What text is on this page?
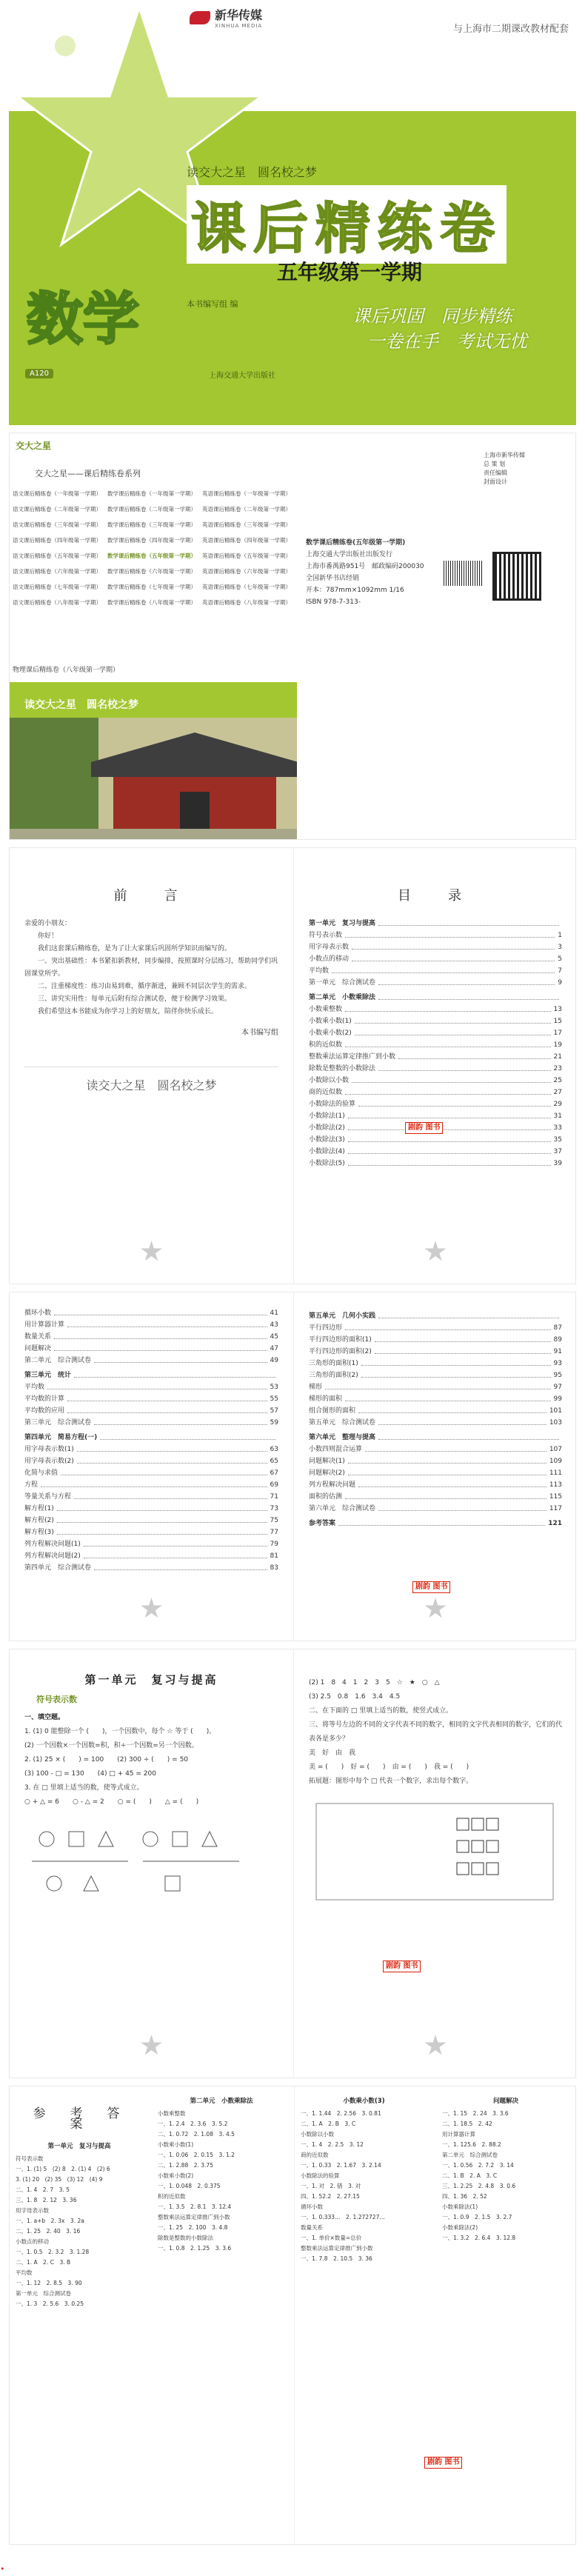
新华传媒
XINHUA MEDIA	与上海市二期课改教材配套
读交大之星　圆名校之梦
课后精练卷
五年级第一学期
数学	本书编写组 编
课后巩固　同步精练
一卷在手　考试无忧
上海交通大学出版社
A120
交大之星
交大之星——课后精练卷系列
语文课后精练卷（一年级第一学期）	数学课后精练卷（一年级第一学期）	英语课后精练卷（一年级第一学期）
语文课后精练卷（二年级第一学期）	数学课后精练卷（二年级第一学期）	英语课后精练卷（二年级第一学期）
语文课后精练卷（三年级第一学期）	数学课后精练卷（三年级第一学期）	英语课后精练卷（三年级第一学期）
语文课后精练卷（四年级第一学期）	数学课后精练卷（四年级第一学期）	英语课后精练卷（四年级第一学期）
语文课后精练卷（五年级第一学期）	数学课后精练卷（五年级第一学期）	英语课后精练卷（五年级第一学期）
语文课后精练卷（六年级第一学期）	数学课后精练卷（六年级第一学期）	英语课后精练卷（六年级第一学期）
语文课后精练卷（七年级第一学期）	数学课后精练卷（七年级第一学期）	英语课后精练卷（七年级第一学期）
语文课后精练卷（八年级第一学期）	数学课后精练卷（八年级第一学期）	英语课后精练卷（八年级第一学期）
物理课后精练卷（八年级第一学期）
上海市新华传媒
总 策 划
责任编辑
封面设计
读交大之星　圆名校之梦
数学课后精练卷(五年级第一学期)
上海交通大学出版社出版发行
上海市番禺路951号　邮政编码200030
全国新华书店经销
开本：787mm×1092mm 1/16
ISBN 978-7-313-
前　言
亲爱的小朋友：
你好！
我们这套课后精练卷，是为了让大家课后巩固所学知识而编写的。
一、突出基础性：本书紧扣新教材，同步编排，按照课时分层练习，帮助同学们巩固课堂所学。
二、注重梯度性：练习由易到难，循序渐进，兼顾不同层次学生的需求。
三、讲究实用性：每单元后附有综合测试卷，便于检测学习效果。
我们希望这本书能成为你学习上的好朋友，陪伴你快乐成长。
本书编写组
读交大之星　圆名校之梦
目　录
第一单元　复习与提高
符号表示数	1
用字母表示数	3
小数点的移动	5
平均数	7
第一单元　综合测试卷	9
第二单元　小数乘除法
小数乘整数	13
小数乘小数(1)	15
小数乘小数(2)	17
积的近似数	19
整数乘法运算定律推广到小数	21
除数是整数的小数除法	23
小数除以小数	25
商的近似数	27
小数除法的验算	29
小数除法(1)	31
小数除法(2)	33
小数除法(3)	35
小数除法(4)	37
小数除法(5)	39
剧韵 图书
循环小数	41
用计算器计算	43
数量关系	45
问题解决	47
第二单元　综合测试卷	49
第三单元　统计
平均数	53
平均数的计算	55
平均数的应用	57
第三单元　综合测试卷	59
第四单元　简易方程(一)
用字母表示数(1)	63
用字母表示数(2)	65
化简与求值	67
方程	69
等量关系与方程	71
解方程(1)	73
解方程(2)	75
解方程(3)	77
列方程解决问题(1)	79
列方程解决问题(2)	81
第四单元　综合测试卷	83
第五单元　几何小实践
平行四边形	87
平行四边形的面积(1)	89
平行四边形的面积(2)	91
三角形的面积(1)	93
三角形的面积(2)	95
梯形	97
梯形的面积	99
组合图形的面积	101
第五单元　综合测试卷	103
第六单元　整理与提高
小数四则混合运算	107
问题解决(1)	109
问题解决(2)	111
列方程解决问题	113
面积的估测	115
第六单元　综合测试卷	117
参考答案	121
剧韵 图书
第一单元　复习与提高
符号表示数
一、填空题。
1. (1) 0 能整除一个 (　　)，一个因数中，每个 ☆ 等于 (　　)。
(2) 一个因数×一个因数=积，积÷一个因数=另一个因数。
2. (1) 25 × (　　) = 100　　(2) 300 ÷ (　　) = 50
(3) 100 - □ = 130　　(4) □ + 45 = 200
3. 在 □ 里填上适当的数，使等式成立。
○ + △ = 6　　○ - △ = 2　　○ = (　　)　　△ = (　　)
(2) 1　8　4　1　2　3　5　☆　★　○　△
(3) 2.5　0.8　1.6　3.4　4.5
二、在下面的 □ 里填上适当的数，使竖式成立。
三、将等号左边的不同的文字代表不同的数字，相同的文字代表相同的数字，它们的代表各是多少？
美　好　由　我
美 = (　　)　好 = (　　)　由 = (　　)　我 = (　　)
拓展题：图形中每个 □ 代表一个数字，求出每个数字。
剧韵 图书
参　考　答　案
第一单元　复习与提高
符号表示数
一、1. (1) 5　(2) 8　2. (1) 4　(2) 6
3. (1) 20　(2) 35　(3) 12　(4) 9
二、1. 4　2. 7　3. 5
三、1. 8　2. 12　3. 36
用字母表示数
一、1. a+b　2. 3x　3. 2a
二、1. 25　2. 40　3. 16
小数点的移动
一、1. 0.5　2. 3.2　3. 1.28
二、1. A　2. C　3. B
平均数
一、1. 12　2. 8.5　3. 90
第一单元　综合测试卷
一、1. 3　2. 5.6　3. 0.25
第二单元　小数乘除法
小数乘整数
一、1. 2.4　2. 3.6　3. 5.2
二、1. 0.72　2. 1.08　3. 4.5
小数乘小数(1)
一、1. 0.06　2. 0.15　3. 1.2
二、1. 2.88　2. 3.75
小数乘小数(2)
一、1. 0.048　2. 0.375
积的近似数
一、1. 3.5　2. 8.1　3. 12.4
整数乘法运算定律推广到小数
一、1. 25　2. 100　3. 4.8
除数是整数的小数除法
一、1. 0.8　2. 1.25　3. 3.6
小数乘小数(3)
一、1. 1.44　2. 2.56　3. 0.81
二、1. A　2. B　3. C
小数除以小数
一、1. 4　2. 2.5　3. 12
商的近似数
一、1. 0.33　2. 1.67　3. 2.14
小数除法的验算
一、1. 对　2. 错　3. 对
四、1. 52.2　2. 27.15
循环小数
一、1. 0.333…　2. 1.272727…
数量关系
一、1. 单价×数量=总价
整数乘法运算定律推广到小数
一、1. 7.8　2. 10.5　3. 36
问题解决
一、1. 15　2. 24　3. 3.6
二、1. 18.5　2. 42
用计算器计算
一、1. 125.6　2. 88.2
第二单元　综合测试卷
一、1. 0.56　2. 7.2　3. 14
二、1. B　2. A　3. C
三、1. 2.25　2. 4.8　3. 0.6
四、1. 36　2. 52
小数乘除法(1)
一、1. 0.9　2. 1.5　3. 2.7
小数乘除法(2)
一、1. 3.2　2. 6.4　3. 12.8
剧韵 图书
•
